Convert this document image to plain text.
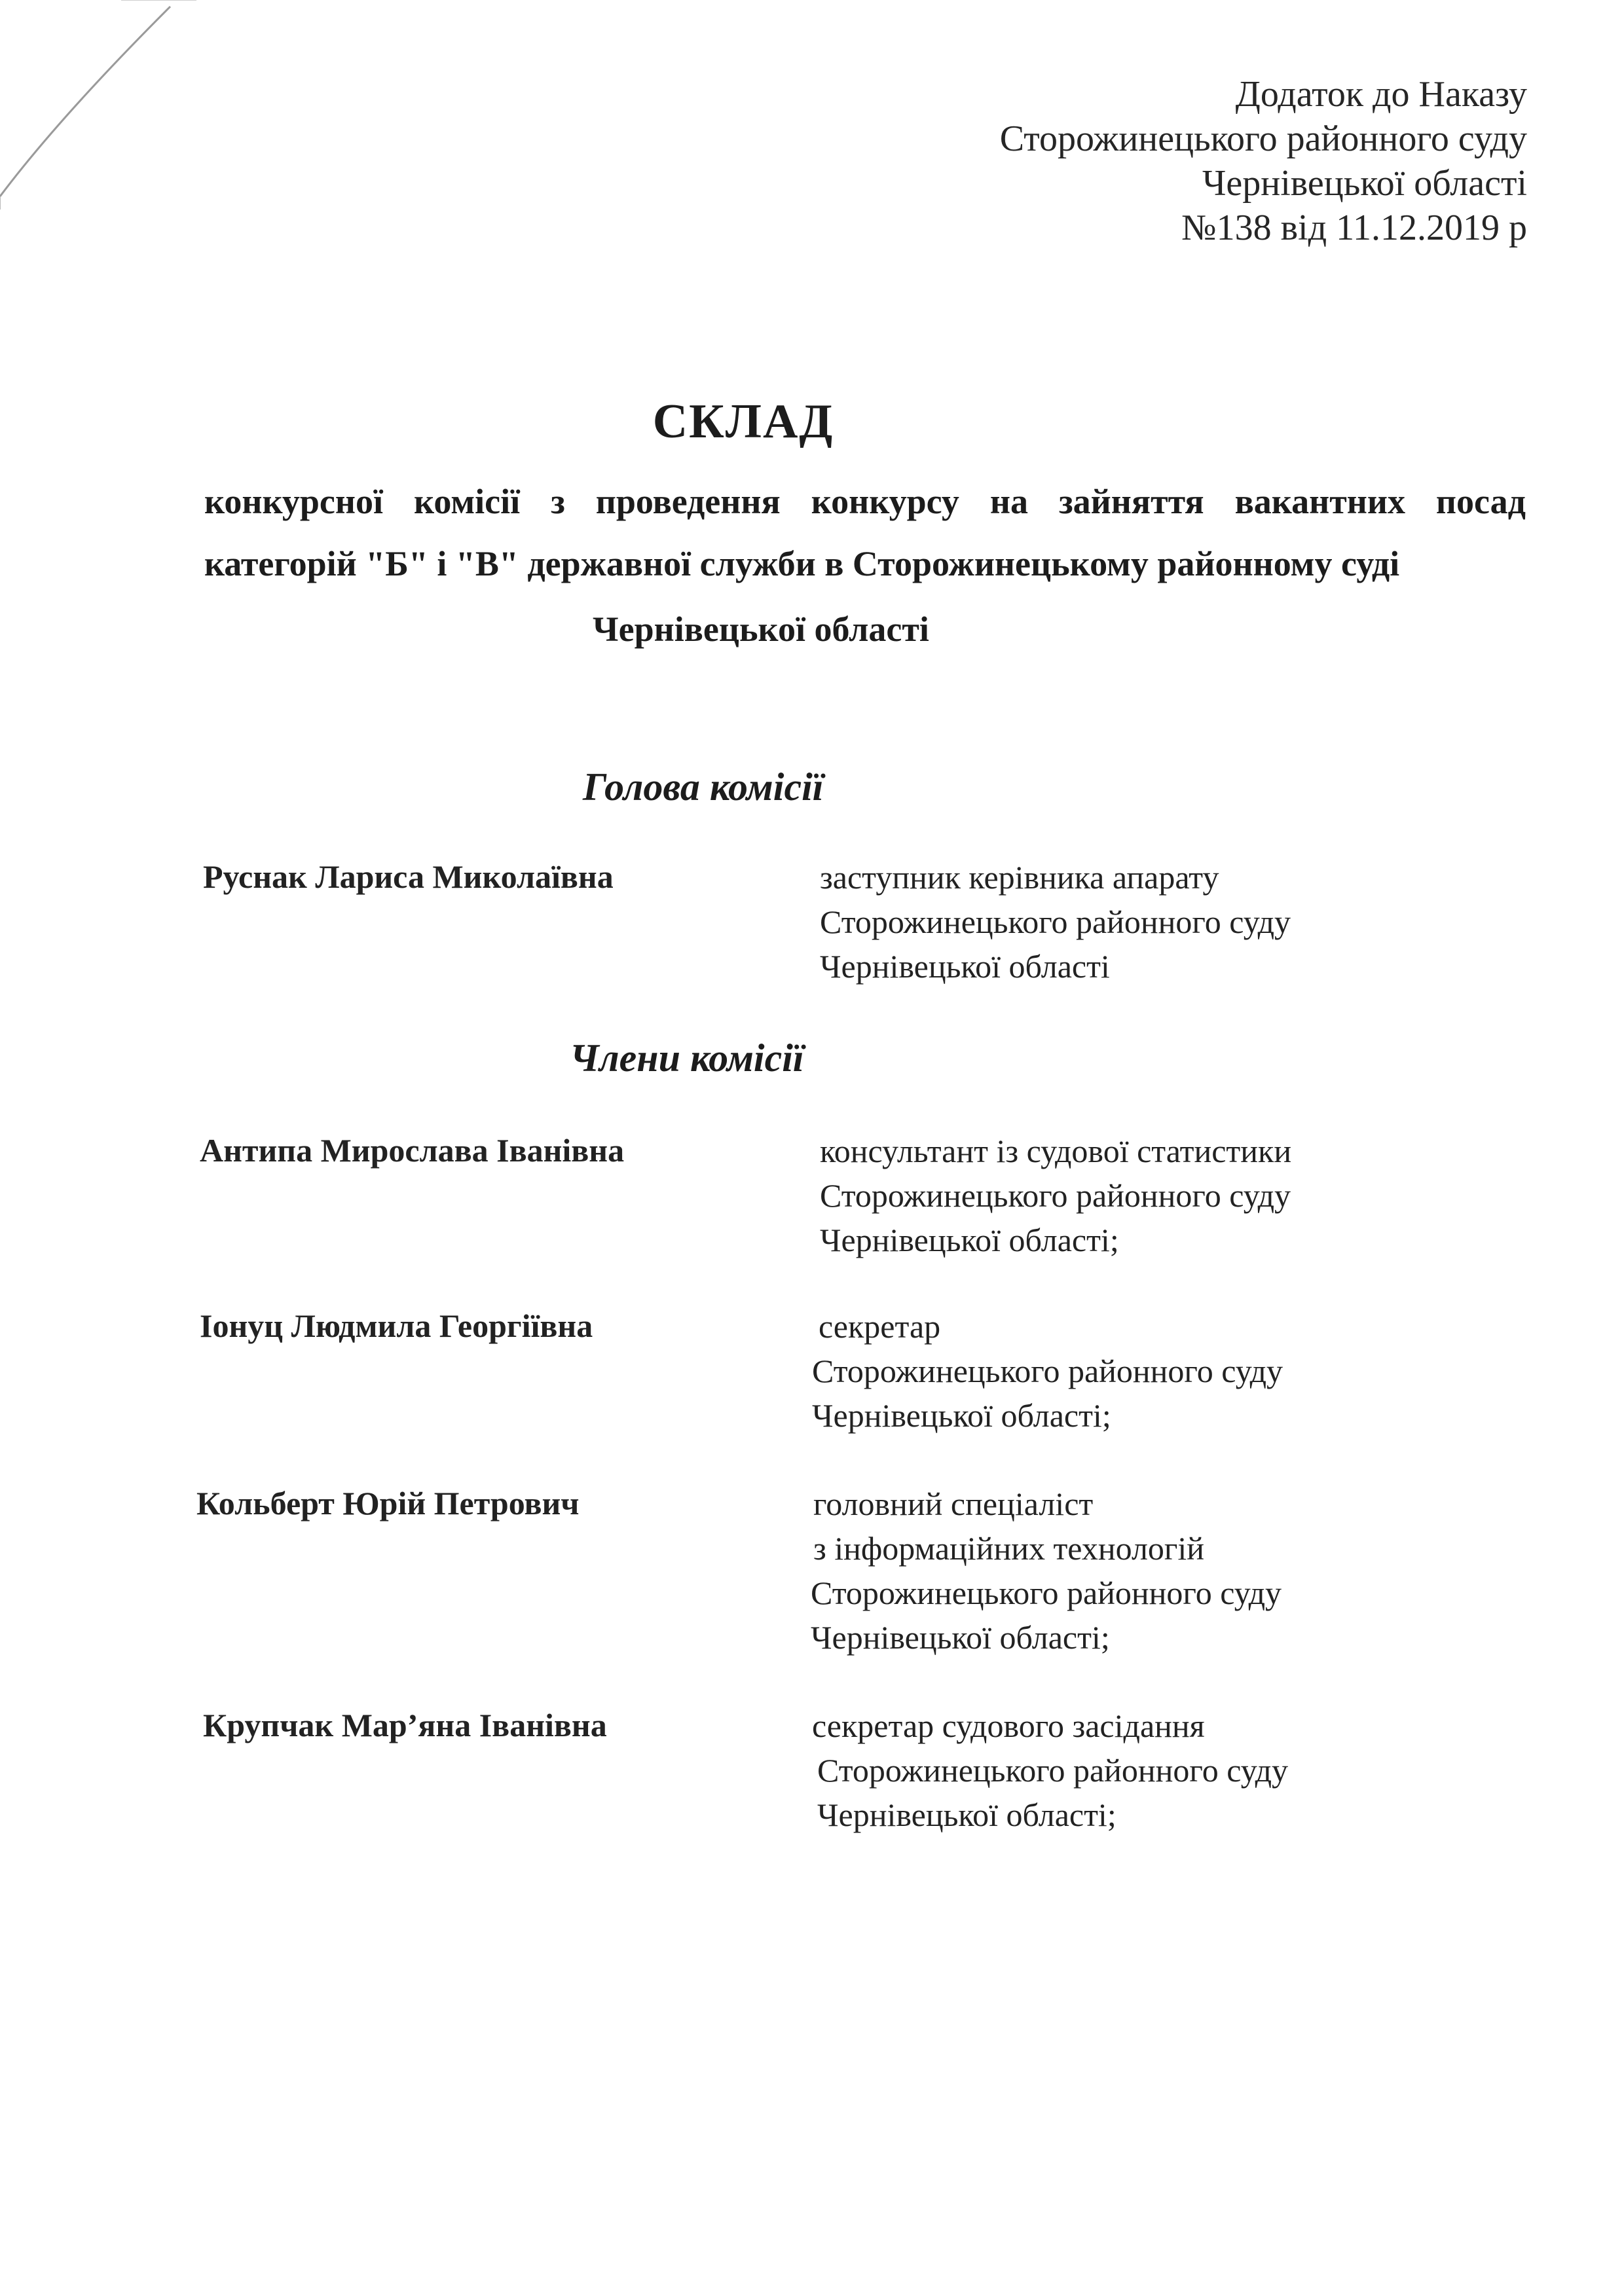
Додаток до Наказу
Сторожинецького районного суду
Чернівецької області
№138 від 11.12.2019 р
СКЛАД
конкурсної комісії з проведення конкурсу на зайняття вакантних посад
категорій "Б" і "В" державної служби в Сторожинецькому районному суді
Чернівецької області
Голова комісії
Руснак Лариса Миколаївна	заступник керівника апарату
Сторожинецького районного суду
Чернівецької області
Члени комісії
Антипа Мирослава Іванівна	консультант із судової статистики
Сторожинецького районного суду
Чернівецької області;
Іонуц Людмила Георгіївна	секретар
Сторожинецького районного суду
Чернівецької області;
Кольберт Юрій Петрович	головний спеціаліст
з інформаційних технологій
Сторожинецького районного суду
Чернівецької області;
Крупчак Мар’яна Іванівна	секретар судового засідання
Сторожинецького районного суду
Чернівецької області;
